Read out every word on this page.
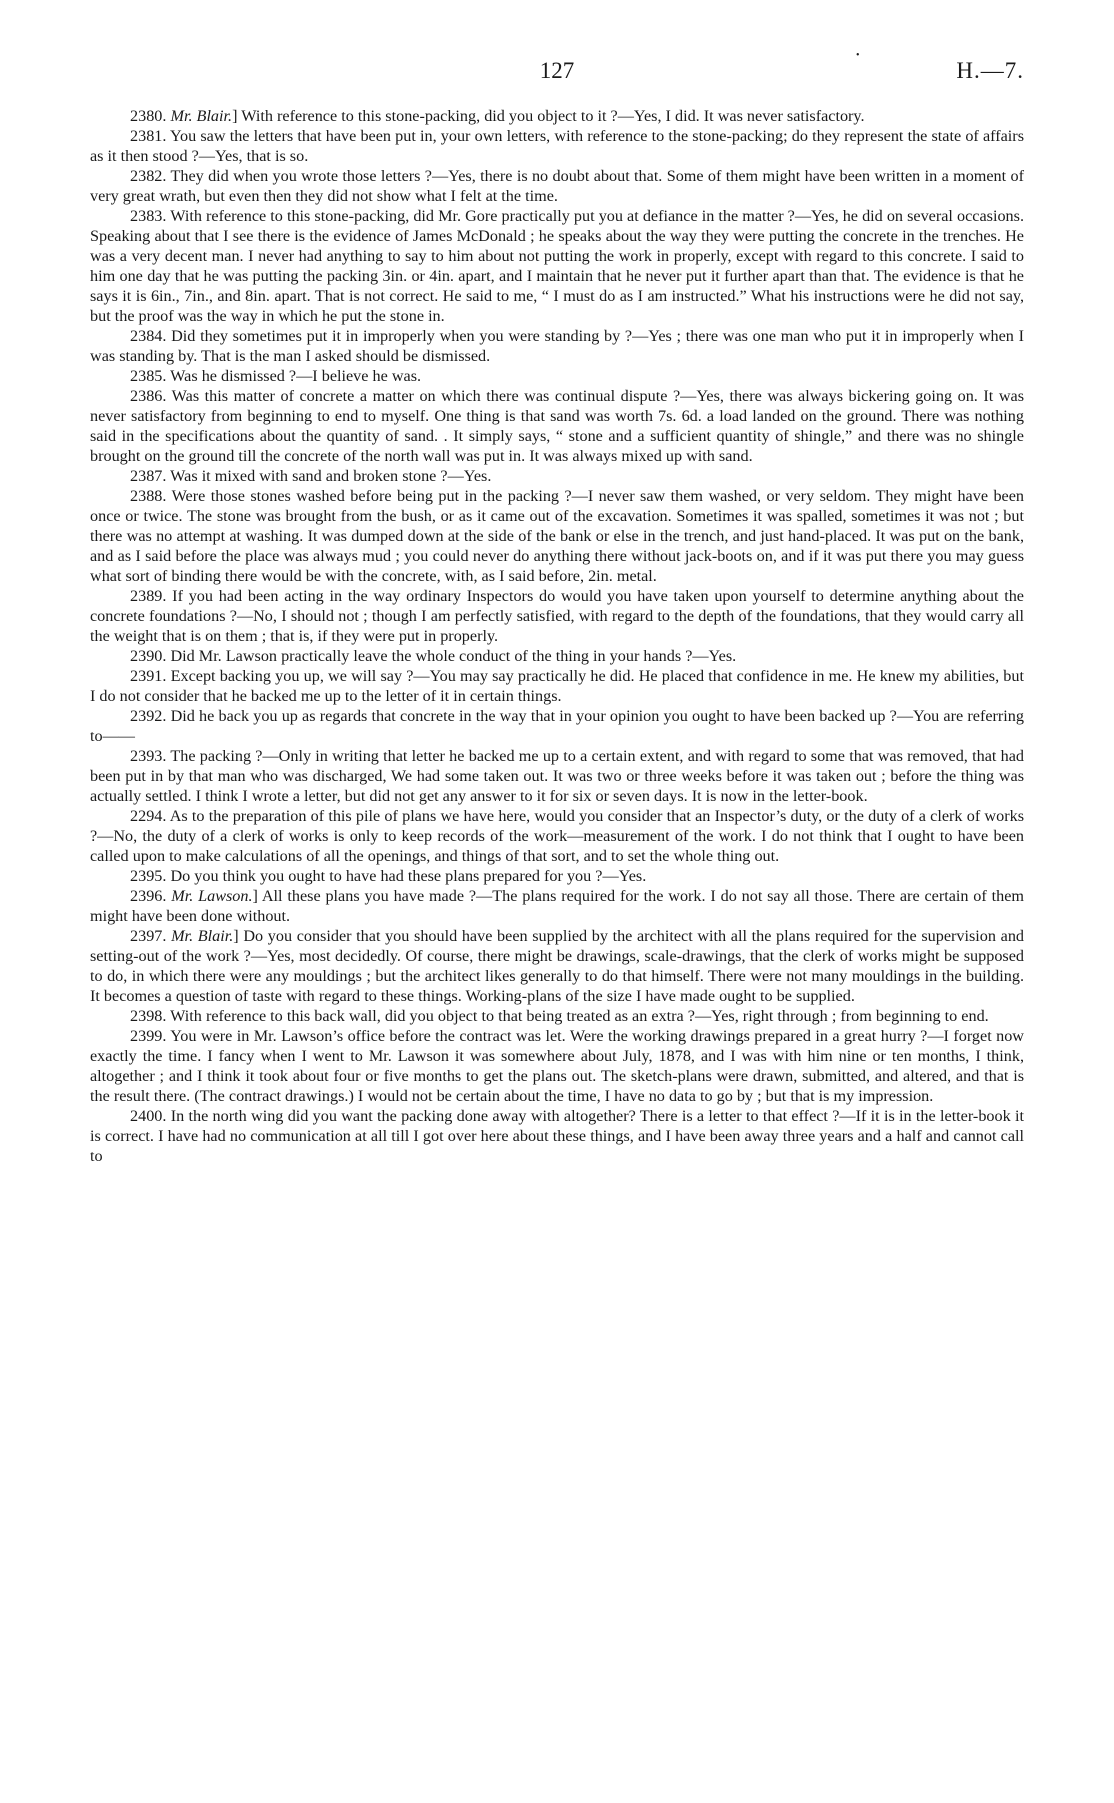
127	H.—7.
•

2380. Mr. Blair.] With reference to this stone-packing, did you object to it ?—Yes, I did. It was never satisfactory.

2381. You saw the letters that have been put in, your own letters, with reference to the stone-packing; do they represent the state of affairs as it then stood ?—Yes, that is so.

2382. They did when you wrote those letters ?—Yes, there is no doubt about that. Some of them might have been written in a moment of very great wrath, but even then they did not show what I felt at the time.

2383. With reference to this stone-packing, did Mr. Gore practically put you at defiance in the matter ?—Yes, he did on several occasions. Speaking about that I see there is the evidence of James McDonald ; he speaks about the way they were putting the concrete in the trenches. He was a very decent man. I never had anything to say to him about not putting the work in properly, except with regard to this concrete. I said to him one day that he was putting the packing 3in. or 4in. apart, and I maintain that he never put it further apart than that. The evidence is that he says it is 6in., 7in., and 8in. apart. That is not correct. He said to me, “ I must do as I am instructed.” What his instructions were he did not say, but the proof was the way in which he put the stone in.

2384. Did they sometimes put it in improperly when you were standing by ?—Yes ; there was one man who put it in improperly when I was standing by. That is the man I asked should be dismissed.

2385. Was he dismissed ?—I believe he was.

2386. Was this matter of concrete a matter on which there was continual dispute ?—Yes, there was always bickering going on. It was never satisfactory from beginning to end to myself. One thing is that sand was worth 7s. 6d. a load landed on the ground. There was nothing said in the specifications about the quantity of sand. . It simply says, “ stone and a sufficient quantity of shingle,” and there was no shingle brought on the ground till the concrete of the north wall was put in. It was always mixed up with sand.

2387. Was it mixed with sand and broken stone ?—Yes.

2388. Were those stones washed before being put in the packing ?—I never saw them washed, or very seldom. They might have been once or twice. The stone was brought from the bush, or as it came out of the excavation. Sometimes it was spalled, sometimes it was not ; but there was no attempt at washing. It was dumped down at the side of the bank or else in the trench, and just hand-placed. It was put on the bank, and as I said before the place was always mud ; you could never do anything there without jack-boots on, and if it was put there you may guess what sort of binding there would be with the concrete, with, as I said before, 2in. metal.

2389. If you had been acting in the way ordinary Inspectors do would you have taken upon yourself to determine anything about the concrete foundations ?—No, I should not ; though I am perfectly satisfied, with regard to the depth of the foundations, that they would carry all the weight that is on them ; that is, if they were put in properly.

2390. Did Mr. Lawson practically leave the whole conduct of the thing in your hands ?—Yes.

2391. Except backing you up, we will say ?—You may say practically he did. He placed that confidence in me. He knew my abilities, but I do not consider that he backed me up to the letter of it in certain things.

2392. Did he back you up as regards that concrete in the way that in your opinion you ought to have been backed up ?—You are referring to——

2393. The packing ?—Only in writing that letter he backed me up to a certain extent, and with regard to some that was removed, that had been put in by that man who was discharged, We had some taken out. It was two or three weeks before it was taken out ; before the thing was actually settled. I think I wrote a letter, but did not get any answer to it for six or seven days. It is now in the letter-book.

2294. As to the preparation of this pile of plans we have here, would you consider that an Inspector’s duty, or the duty of a clerk of works ?—No, the duty of a clerk of works is only to keep records of the work—measurement of the work. I do not think that I ought to have been called upon to make calculations of all the openings, and things of that sort, and to set the whole thing out.

2395. Do you think you ought to have had these plans prepared for you ?—Yes.

2396. Mr. Lawson.] All these plans you have made ?—The plans required for the work. I do not say all those. There are certain of them might have been done without.

2397. Mr. Blair.] Do you consider that you should have been supplied by the architect with all the plans required for the supervision and setting-out of the work ?—Yes, most decidedly. Of course, there might be drawings, scale-drawings, that the clerk of works might be supposed to do, in which there were any mouldings ; but the architect likes generally to do that himself. There were not many mouldings in the building. It becomes a question of taste with regard to these things. Working-plans of the size I have made ought to be supplied.

2398. With reference to this back wall, did you object to that being treated as an extra ?—Yes, right through ; from beginning to end.

2399. You were in Mr. Lawson’s office before the contract was let. Were the working drawings prepared in a great hurry ?—I forget now exactly the time. I fancy when I went to Mr. Lawson it was somewhere about July, 1878, and I was with him nine or ten months, I think, altogether ; and I think it took about four or five months to get the plans out. The sketch-plans were drawn, submitted, and altered, and that is the result there. (The contract drawings.) I would not be certain about the time, I have no data to go by ; but that is my impression.

2400. In the north wing did you want the packing done away with altogether? There is a letter to that effect ?—If it is in the letter-book it is correct. I have had no communication at all till I got over here about these things, and I have been away three years and a half and cannot call to
